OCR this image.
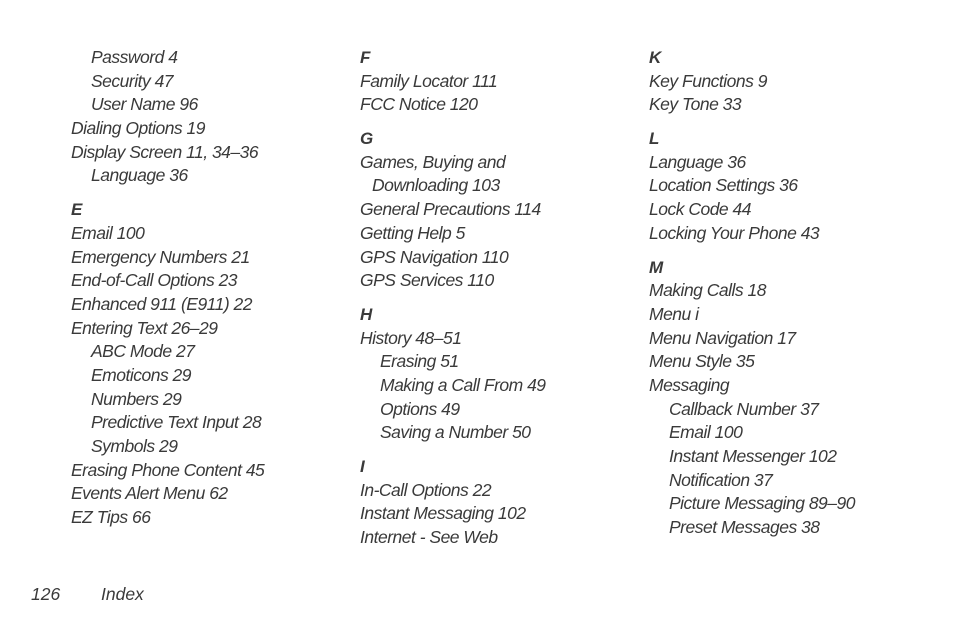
Password 4
Security 47
User Name 96
Dialing Options 19
Display Screen 11, 34–36
Language 36
E
Email 100
Emergency Numbers 21
End-of-Call Options 23
Enhanced 911 (E911) 22
Entering Text 26–29
ABC Mode 27
Emoticons 29
Numbers 29
Predictive Text Input 28
Symbols 29
Erasing Phone Content 45
Events Alert Menu 62
EZ Tips 66
F
Family Locator 111
FCC Notice 120
G
Games, Buying and
Downloading 103
General Precautions 114
Getting Help 5
GPS Navigation 110
GPS Services 110
H
History 48–51
Erasing 51
Making a Call From 49
Options 49
Saving a Number 50
I
In-Call Options 22
Instant Messaging 102
Internet - See Web
K
Key Functions 9
Key Tone 33
L
Language 36
Location Settings 36
Lock Code 44
Locking Your Phone 43
M
Making Calls 18
Menu i
Menu Navigation 17
Menu Style 35
Messaging
Callback Number 37
Email 100
Instant Messenger 102
Notification 37
Picture Messaging 89–90
Preset Messages 38
126 Index
